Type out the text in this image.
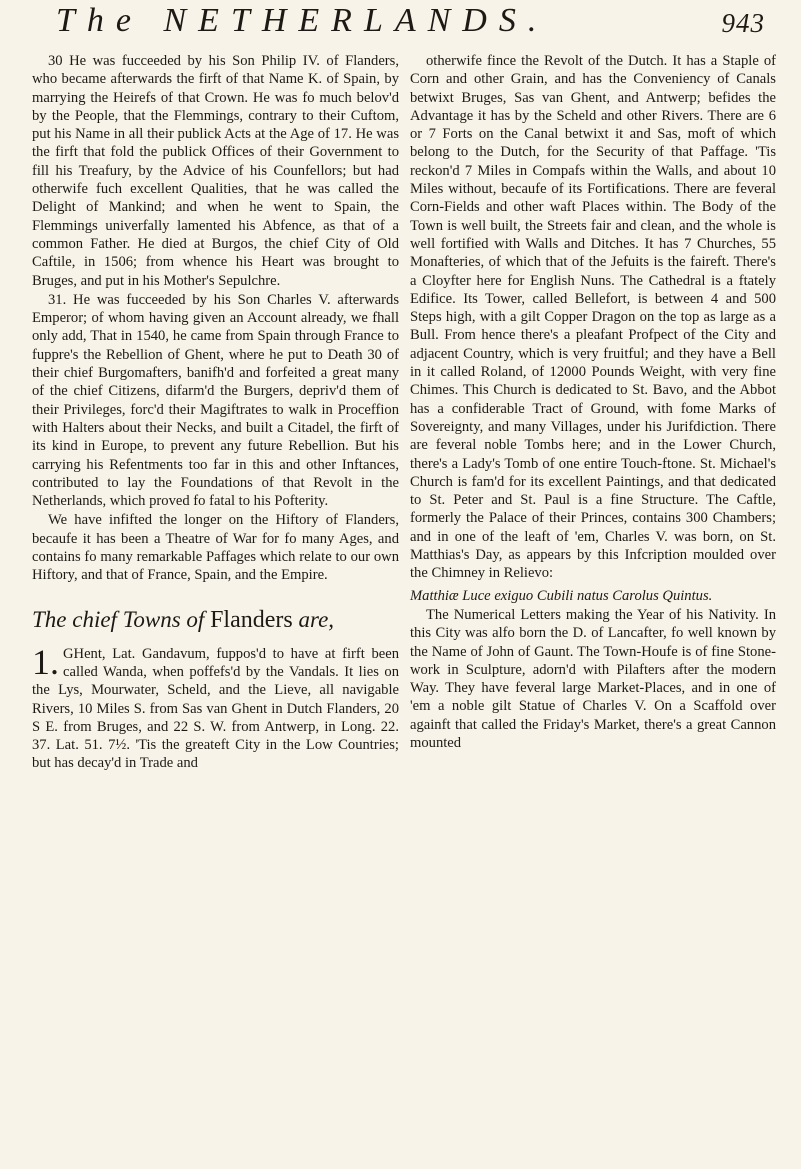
The NETHERLANDS.	943

30 He was fucceeded by his Son Philip IV. of Flanders, who became afterwards the firft of that Name K. of Spain, by marrying the Heirefs of that Crown. He was fo much belov'd by the People, that the Flemmings, contrary to their Cuftom, put his Name in all their publick Acts at the Age of 17. He was the firft that fold the publick Offices of their Government to fill his Treafury, by the Advice of his Counfellors; but had otherwife fuch excellent Qualities, that he was called the Delight of Mankind; and when he went to Spain, the Flemmings univerfally lamented his Abfence, as that of a common Father. He died at Burgos, the chief City of Old Caftile, in 1506; from whence his Heart was brought to Bruges, and put in his Mother's Sepulchre.

31. He was fucceeded by his Son Charles V. afterwards Emperor; of whom having given an Account already, we fhall only add, That in 1540, he came from Spain through France to fuppre's the Rebellion of Ghent, where he put to Death 30 of their chief Burgomafters, banifh'd and forfeited a great many of the chief Citizens, difarm'd the Burgers, depriv'd them of their Privileges, forc'd their Magiftrates to walk in Proceffion with Halters about their Necks, and built a Citadel, the firft of its kind in Europe, to prevent any future Rebellion. But his carrying his Refentments too far in this and other Inftances, contributed to lay the Foundations of that Revolt in the Netherlands, which proved fo fatal to his Pofterity.

We have infifted the longer on the Hiftory of Flanders, becaufe it has been a Theatre of War for fo many Ages, and contains fo many remarkable Paffages which relate to our own Hiftory, and that of France, Spain, and the Empire.

The chief Towns of Flanders are,

1.GHent, Lat. Gandavum, fuppos'd to have at firft been called Wanda, when poffefs'd by the Vandals. It lies on the Lys, Mourwater, Scheld, and the Lieve, all navigable Rivers, 10 Miles S. from Sas van Ghent in Dutch Flanders, 20 S E. from Bruges, and 22 S. W. from Antwerp, in Long. 22. 37. Lat. 51. 7½. 'Tis the greateft City in the Low Countries; but has decay'd in Trade and

otherwife fince the Revolt of the Dutch. It has a Staple of Corn and other Grain, and has the Conveniency of Canals betwixt Bruges, Sas van Ghent, and Antwerp; befides the Advantage it has by the Scheld and other Rivers. There are 6 or 7 Forts on the Canal betwixt it and Sas, moft of which belong to the Dutch, for the Security of that Paffage. 'Tis reckon'd 7 Miles in Compafs within the Walls, and about 10 Miles without, becaufe of its Fortifications. There are feveral Corn-Fields and other waft Places within. The Body of the Town is well built, the Streets fair and clean, and the whole is well fortified with Walls and Ditches. It has 7 Churches, 55 Monafteries, of which that of the Jefuits is the faireft. There's a Cloyfter here for English Nuns. The Cathedral is a ftately Edifice. Its Tower, called Bellefort, is between 4 and 500 Steps high, with a gilt Copper Dragon on the top as large as a Bull. From hence there's a pleafant Profpect of the City and adjacent Country, which is very fruitful; and they have a Bell in it called Roland, of 12000 Pounds Weight, with very fine Chimes. This Church is dedicated to St. Bavo, and the Abbot has a confiderable Tract of Ground, with fome Marks of Sovereignty, and many Villages, under his Jurifdiction. There are feveral noble Tombs here; and in the Lower Church, there's a Lady's Tomb of one entire Touch-ftone. St. Michael's Church is fam'd for its excellent Paintings, and that dedicated to St. Peter and St. Paul is a fine Structure. The Caftle, formerly the Palace of their Princes, contains 300 Chambers; and in one of the leaft of 'em, Charles V. was born, on St. Matthias's Day, as appears by this Infcription moulded over the Chimney in Relievo:

Matthiæ Luce exiguo Cubili natus Carolus Quintus.

The Numerical Letters making the Year of his Nativity. In this City was alfo born the D. of Lancafter, fo well known by the Name of John of Gaunt. The Town-Houfe is of fine Stone-work in Sculpture, adorn'd with Pilafters after the modern Way. They have feveral large Market-Places, and in one of 'em a noble gilt Statue of Charles V. On a Scaffold over againft that called the Friday's Market, there's a great Cannon mounted
